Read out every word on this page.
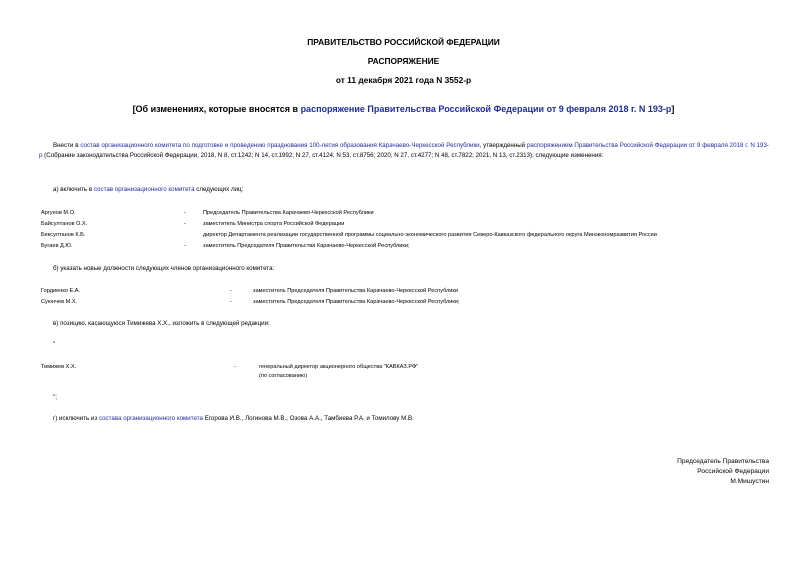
ПРАВИТЕЛЬСТВО РОССИЙСКОЙ ФЕДЕРАЦИИ
РАСПОРЯЖЕНИЕ
от 11 декабря 2021 года N 3552-р
[Об изменениях, которые вносятся в распоряжение Правительства Российской Федерации от 9 февраля 2018 г. N 193-р]
Внести в состав организационного комитета по подготовке и проведению празднования 100-летия образования Карачаево-Черкесской Республики, утвержденный распоряжением Правительства Российской Федерации от 9 февраля 2018 г. N 193-р (Собрание законодательства Российской Федерации, 2018, N 8, ст.1242; N 14, ст.1992; N 27, ст.4124; N 53, ст.8756; 2020, N 27, ст.4277; N 48, ст.7822; 2021, N 13, ст.2313), следующие изменения:
а) включить в состав организационного комитета следующих лиц:
Аргунов М.О.	-	Председатель Правительства Карачаево-Черкесской Республики
Байсултанов О.Х.	-	заместитель Министра спорта Российской Федерации
Бексултанов К.Б.	директор Департамента реализации государственной программы социально-экономического развития Северо-Кавказского федерального округа Минэкономразвития России
Бугаев Д.Ю.	-	заместитель Председателя Правительства Карачаево-Черкесской Республики;
б) указать новые должности следующих членов организационного комитета:
Гордиенко Е.А.	-	заместитель Председателя Правительства Карачаево-Черкесской Республики
Суюнчев М.Х.	-	заместитель Председателя Правительства Карачаево-Черкесской Республики;
в) позицию, касающуюся Тимижева Х.Х., изложить в следующей редакции:
"
Тимижев Х.Х.	-	генеральный директор акционерного общества "КАВКАЗ.РФ"
(по согласованию)
";
г) исключить из состава организационного комитета Егорова И.В., Логинова М.В., Озова А.А., Тамбиева Р.А. и Томилову М.В.
Председатель Правительства
Российской Федерации
М.Мишустин
